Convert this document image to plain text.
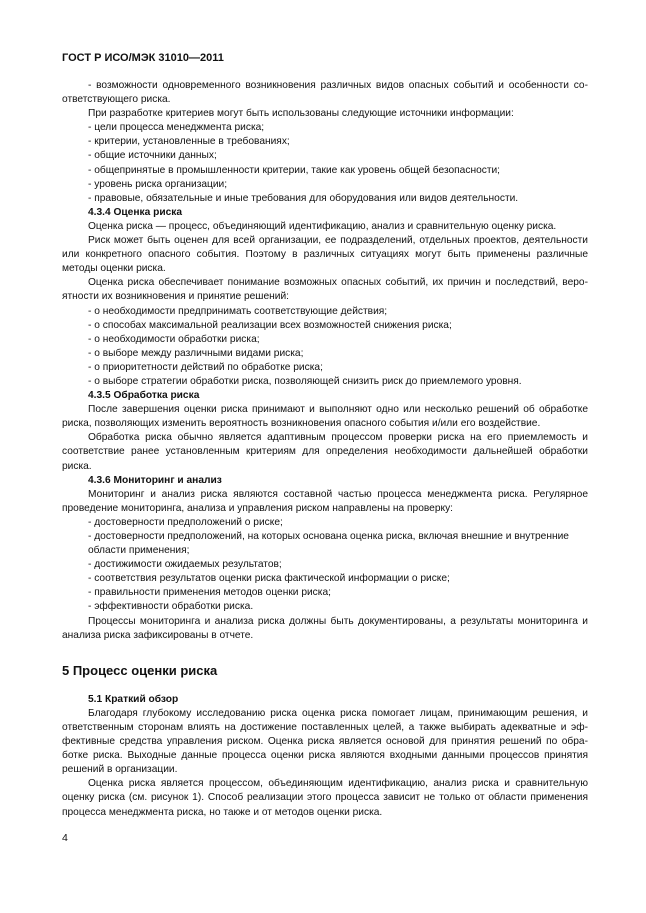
ГОСТ Р ИСО/МЭК 31010—2011

- возможности одновременного возникновения различных видов опасных событий и особенности соответствующего риска.

При разработке критериев могут быть использованы следующие источники информации:

- цели процесса менеджмента риска;

- критерии, установленные в требованиях;

- общие источники данных;

- общепринятые в промышленности критерии, такие как уровень общей безопасности;

- уровень риска организации;

- правовые, обязательные и иные требования для оборудования или видов деятельности.

4.3.4 Оценка риска

Оценка риска — процесс, объединяющий идентификацию, анализ и сравнительную оценку риска.

Риск может быть оценен для всей организации, ее подразделений, отдельных проектов, деятельности или конкретного опасного события. Поэтому в различных ситуациях могут быть применены различные методы оценки риска.

Оценка риска обеспечивает понимание возможных опасных событий, их причин и последствий, вероятности их возникновения и принятие решений:

- о необходимости предпринимать соответствующие действия;

- о способах максимальной реализации всех возможностей снижения риска;

- о необходимости обработки риска;

- о выборе между различными видами риска;

- о приоритетности действий по обработке риска;

- о выборе стратегии обработки риска, позволяющей снизить риск до приемлемого уровня.

4.3.5 Обработка риска

После завершения оценки риска принимают и выполняют одно или несколько решений об обработке риска, позволяющих изменить вероятность возникновения опасного события и/или его воздействие.

Обработка риска обычно является адаптивным процессом проверки риска на его приемлемость и соответствие ранее установленным критериям для определения необходимости дальнейшей обработки риска.

4.3.6 Мониторинг и анализ

Мониторинг и анализ риска являются составной частью процесса менеджмента риска. Регулярное проведение мониторинга, анализа и управления риском направлены на проверку:

- достоверности предположений о риске;

- достоверности предположений, на которых основана оценка риска, включая внешние и внутренние области применения;

- достижимости ожидаемых результатов;

- соответствия результатов оценки риска фактической информации о риске;

- правильности применения методов оценки риска;

- эффективности обработки риска.

Процессы мониторинга и анализа риска должны быть документированы, а результаты мониторинга и анализа риска зафиксированы в отчете.

5 Процесс оценки риска

5.1 Краткий обзор

Благодаря глубокому исследованию риска оценка риска помогает лицам, принимающим решения, и ответственным сторонам влиять на достижение поставленных целей, а также выбирать адекватные и эффективные средства управления риском. Оценка риска является основой для принятия решений по обработке риска. Выходные данные процесса оценки риска являются входными данными процессов принятия решений в организации.

Оценка риска является процессом, объединяющим идентификацию, анализ риска и сравнительную оценку риска (см. рисунок 1). Способ реализации этого процесса зависит не только от области применения процесса менеджмента риска, но также и от методов оценки риска.

4
